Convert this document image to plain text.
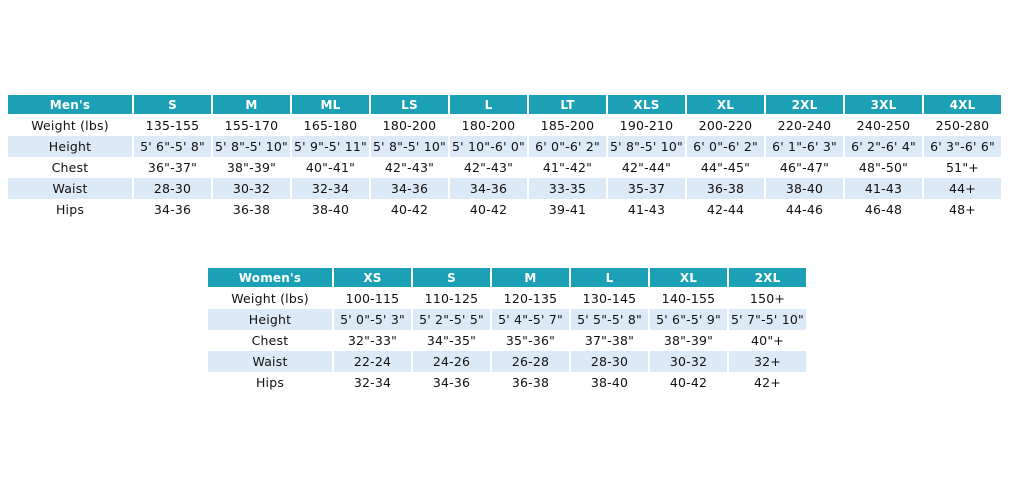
Men's	S	M	ML	LS	L	LT	XLS	XL	2XL	3XL	4XL
Weight (lbs)	135-155	155-170	165-180	180-200	180-200	185-200	190-210	200-220	220-240	240-250	250-280
Height	5' 6"-5' 8"	5' 8"-5' 10"	5' 9"-5' 11"	5' 8"-5' 10"	5' 10"-6' 0"	6' 0"-6' 2"	5' 8"-5' 10"	6' 0"-6' 2"	6' 1"-6' 3"	6' 2"-6' 4"	6' 3"-6' 6"
Chest	36"-37"	38"-39"	40"-41"	42"-43"	42"-43"	41"-42"	42"-44"	44"-45"	46"-47"	48"-50"	51"+
Waist	28-30	30-32	32-34	34-36	34-36	33-35	35-37	36-38	38-40	41-43	44+
Hips	34-36	36-38	38-40	40-42	40-42	39-41	41-43	42-44	44-46	46-48	48+
Women's	XS	S	M	L	XL	2XL
Weight (lbs)	100-115	110-125	120-135	130-145	140-155	150+
Height	5' 0"-5' 3"	5' 2"-5' 5"	5' 4"-5' 7"	5' 5"-5' 8"	5' 6"-5' 9"	5' 7"-5' 10"
Chest	32"-33"	34"-35"	35"-36"	37"-38"	38"-39"	40"+
Waist	22-24	24-26	26-28	28-30	30-32	32+
Hips	32-34	34-36	36-38	38-40	40-42	42+
